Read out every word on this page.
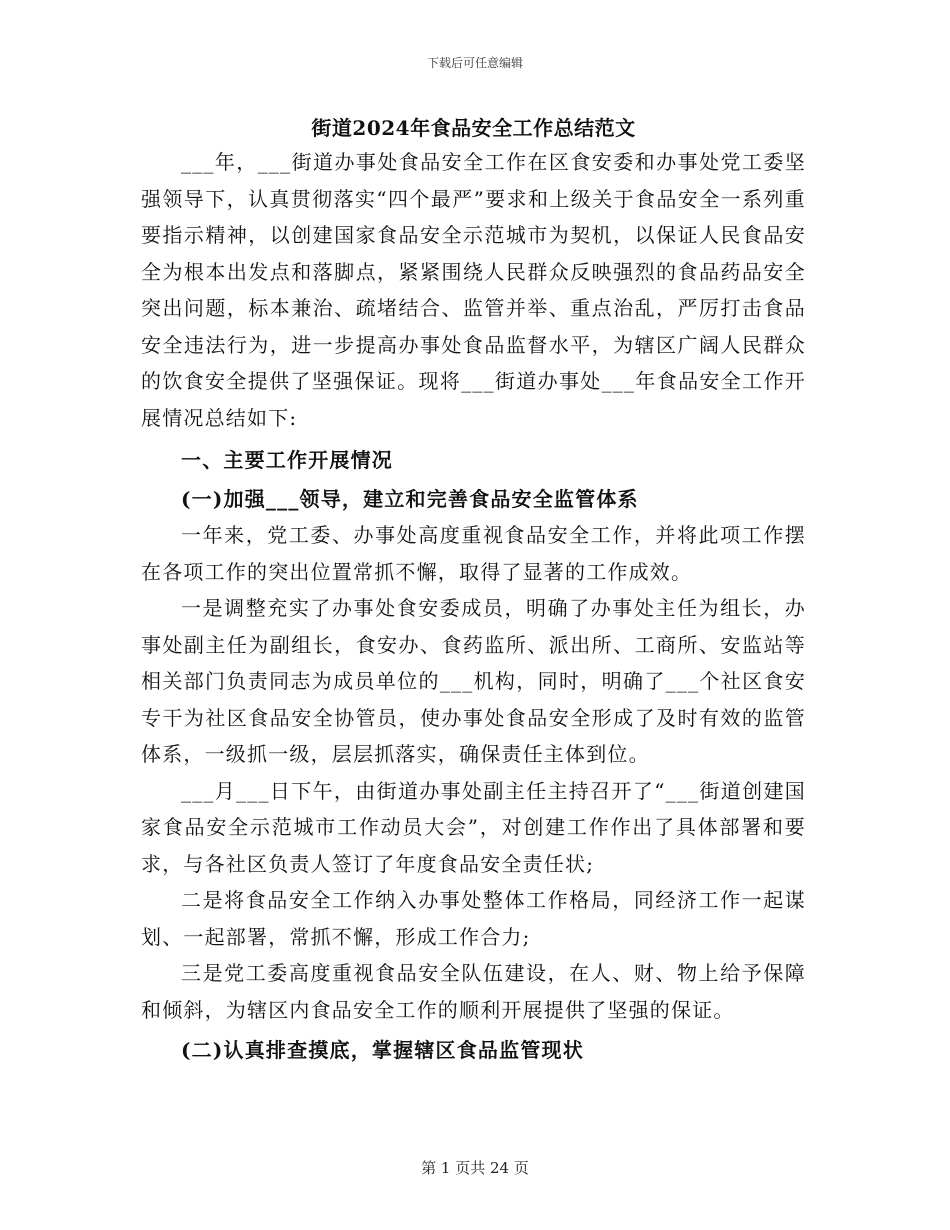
下载后可任意编辑
街道2024年食品安全工作总结范文

___年，___街道办事处食品安全工作在区食安委和办事处党工委坚强领导下，认真贯彻落实“四个最严”要求和上级关于食品安全一系列重要指示精神，以创建国家食品安全示范城市为契机，以保证人民食品安全为根本出发点和落脚点，紧紧围绕人民群众反映强烈的食品药品安全突出问题，标本兼治、疏堵结合、监管并举、重点治乱，严厉打击食品安全违法行为，进一步提高办事处食品监督水平，为辖区广阔人民群众的饮食安全提供了坚强保证。现将___街道办事处___年食品安全工作开展情况总结如下:

一、主要工作开展情况

(一)加强___领导，建立和完善食品安全监管体系

一年来，党工委、办事处高度重视食品安全工作，并将此项工作摆在各项工作的突出位置常抓不懈，取得了显著的工作成效。

一是调整充实了办事处食安委成员，明确了办事处主任为组长，办事处副主任为副组长，食安办、食药监所、派出所、工商所、安监站等相关部门负责同志为成员单位的___机构，同时，明确了___个社区食安专干为社区食品安全协管员，使办事处食品安全形成了及时有效的监管体系，一级抓一级，层层抓落实，确保责任主体到位。

___月___日下午，由街道办事处副主任主持召开了“___街道创建国家食品安全示范城市工作动员大会”，对创建工作作出了具体部署和要求，与各社区负责人签订了年度食品安全责任状;

二是将食品安全工作纳入办事处整体工作格局，同经济工作一起谋划、一起部署，常抓不懈，形成工作合力;

三是党工委高度重视食品安全队伍建设，在人、财、物上给予保障和倾斜，为辖区内食品安全工作的顺利开展提供了坚强的保证。

(二)认真排查摸底，掌握辖区食品监管现状

第 1 页共 24 页
